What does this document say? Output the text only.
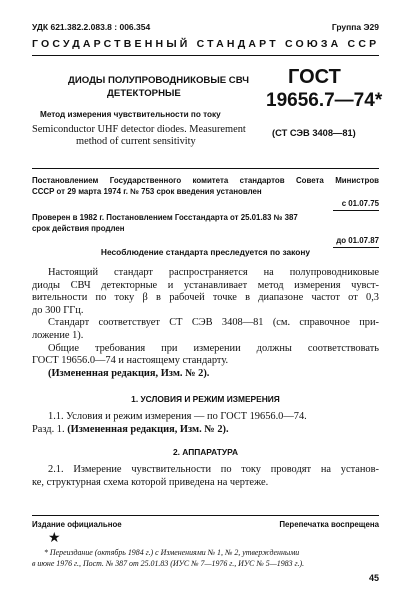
УДК 621.382.2.083.8 : 006.354	Группа Э29
ГОСУДАРСТВЕННЫЙ СТАНДАРТ СОЮЗА ССР
ДИОДЫ ПОЛУПРОВОДНИКОВЫЕ СВЧ
ДЕТЕКТОРНЫЕ
Метод измерения чувствительности по току
Semiconductor UHF detector diodes. Measurement
method of current sensitivity
ГОСТ
19656.7—74*
(СТ СЭВ 3408—81)
Постановлением Государственного комитета стандартов Совета Министров
СССР от 29 марта 1974 г. № 753 срок введения установлен
с 01.07.75
Проверен в 1982 г. Постановлением Госстандарта от 25.01.83 № 387
срок действия продлен
до 01.07.87
Несоблюдение стандарта преследуется по закону
Настоящий стандарт распространяется на полупроводниковые
диоды СВЧ детекторные и устанавливает метод измерения чувст-
вительности по току β в рабочей точке в диапазоне частот от 0,3
до 300 ГГц.
Стандарт соответствует СТ СЭВ 3408—81 (см. справочное при-
ложение 1).
Общие требования при измерении должны соответствовать
ГОСТ 19656.0—74 и настоящему стандарту.
(Измененная редакция, Изм. № 2).
1. УСЛОВИЯ И РЕЖИМ ИЗМЕРЕНИЯ
1.1. Условия и режим измерения — по ГОСТ 19656.0—74.
Разд. 1. (Измененная редакция, Изм. № 2).
2. АППАРАТУРА
2.1. Измерение чувствительности по току проводят на установ-
ке, структурная схема которой приведена на чертеже.
Издание официальное	Перепечатка воспрещена
★
* Переиздание (октябрь 1984 г.) с Изменениями № 1, № 2, утвержденными
в июне 1976 г., Пост. № 387 от 25.01.83 (ИУС № 7—1976 г., ИУС № 5—1983 г.).
45
